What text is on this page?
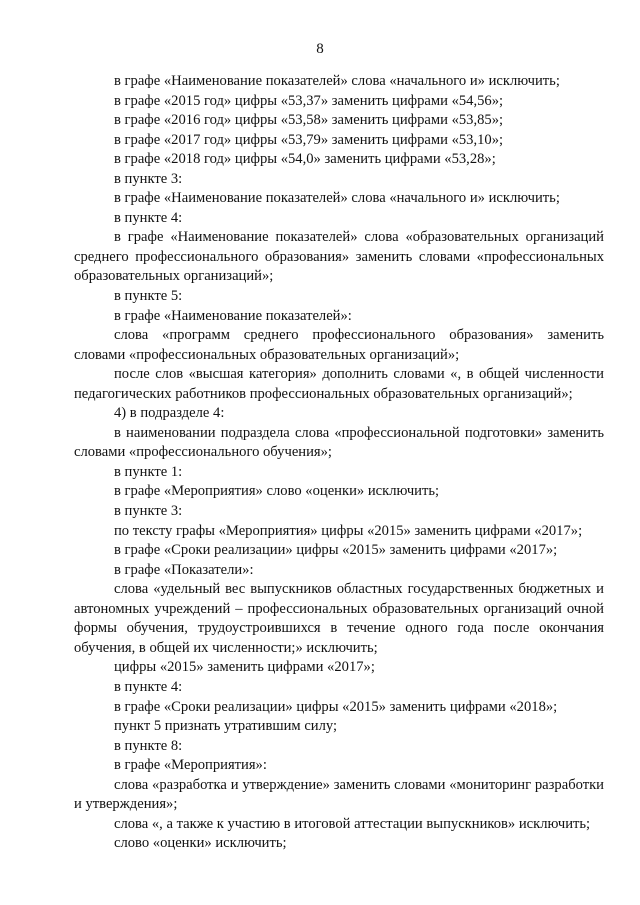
8

в графе «Наименование показателей» слова «начального и» исключить;

в графе «2015 год» цифры «53,37» заменить цифрами «54,56»;

в графе «2016 год» цифры «53,58» заменить цифрами «53,85»;

в графе «2017 год» цифры «53,79» заменить цифрами «53,10»;

в графе «2018 год» цифры «54,0» заменить цифрами «53,28»;

в пункте 3:

в графе «Наименование показателей» слова «начального и» исключить;

в пункте 4:

в графе «Наименование показателей» слова «образовательных организаций среднего профессионального образования» заменить словами «профессиональных образовательных организаций»;

в пункте 5:

в графе «Наименование показателей»:

слова «программ среднего профессионального образования» заменить словами «профессиональных образовательных организаций»;

после слов «высшая категория» дополнить словами «, в общей численности педагогических работников профессиональных образовательных организаций»;

4) в подразделе 4:

в наименовании подраздела слова «профессиональной подготовки» заменить словами «профессионального обучения»;

в пункте 1:

в графе «Мероприятия» слово «оценки» исключить;

в пункте 3:

по тексту графы «Мероприятия» цифры «2015» заменить цифрами «2017»;

в графе «Сроки реализации» цифры «2015» заменить цифрами «2017»;

в графе «Показатели»:

слова «удельный вес выпускников областных государственных бюджетных и автономных учреждений – профессиональных образовательных организаций очной формы обучения, трудоустроившихся в течение одного года после окончания обучения, в общей их численности;» исключить;

цифры «2015» заменить цифрами «2017»;

в пункте 4:

в графе «Сроки реализации» цифры «2015» заменить цифрами «2018»;

пункт 5 признать утратившим силу;

в пункте 8:

в графе «Мероприятия»:

слова «разработка и утверждение» заменить словами «мониторинг разработки и утверждения»;

слова «, а также к участию в итоговой аттестации выпускников» исключить;

слово «оценки» исключить;
